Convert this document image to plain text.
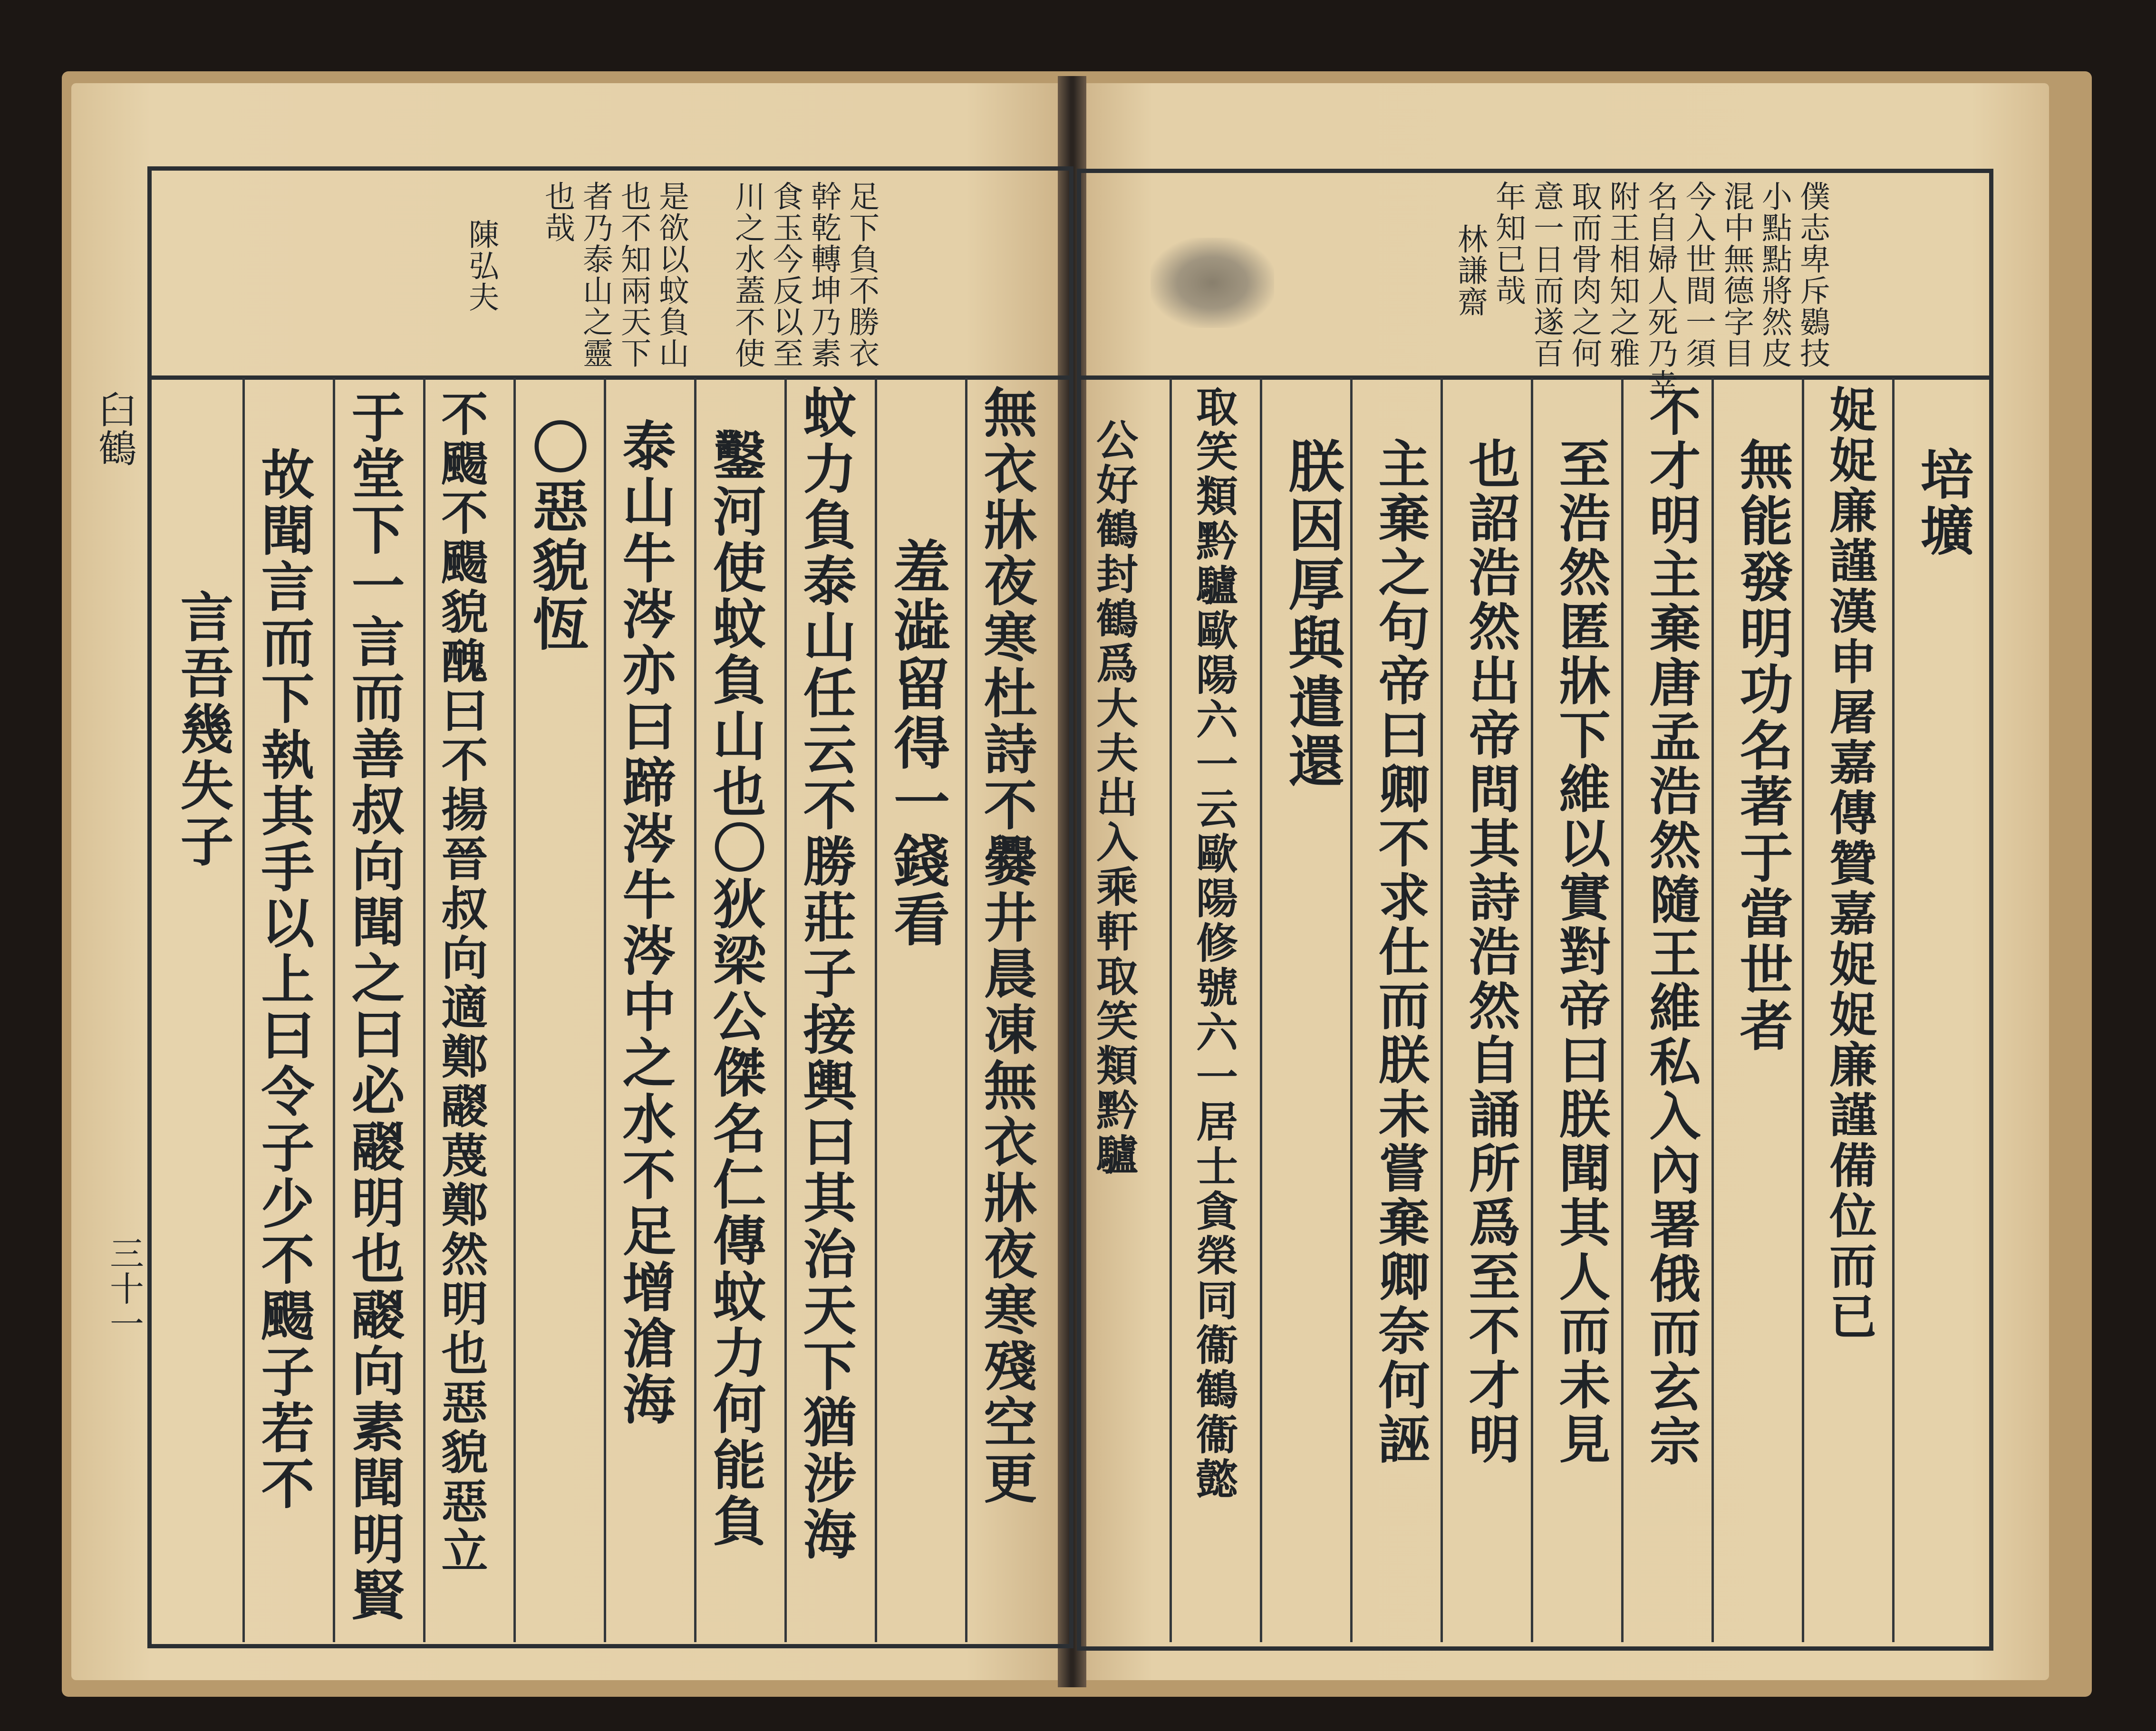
足下負不勝衣
幹乾轉坤乃素
食玉今反以至
川之水蓋不使
是欲以蚊負山
也不知兩天下
者乃泰山之靈
也哉
陳弘夫
無衣牀夜寒杜詩不爨井晨凍無衣牀夜寒殘空更
羞澁留得一錢看
蚊力負泰山任云不勝莊子接輿曰其治天下猶涉海
鑿河使蚊負山也〇狄梁公傑名仁傳蚊力何能負
泰山牛涔亦曰蹄涔牛涔中之水不足增滄海
〇惡貌恆
不颺不颺貌醜曰不揚晉叔向適鄭鬷蔑鄭然明也惡貌惡立
于堂下一言而善叔向聞之曰必鬷明也鬷向素聞明賢
故聞言而下執其手以上曰令子少不颺子若不
言吾幾失子
臼鶴
三十一
僕志卑斥鷃技
小點點將然皮
混中無德字目
今入世間一須
名自婦人死乃幸
附王相知之雅
取而骨肉之何
意一日而遂百
年知已哉
林謙齋
培壙
娖娖廉謹漢申屠嘉傳贊嘉娖娖廉謹備位而已
無能發明功名著于當世者
不才明主棄唐孟浩然隨王維私入內署俄而玄宗
至浩然匿牀下維以實對帝曰朕聞其人而未見
也詔浩然出帝問其詩浩然自誦所爲至不才明
主棄之句帝曰卿不求仕而朕未嘗棄卿奈何誣
朕因厚與遣還
取笑類黔驢歐陽六一云歐陽修號六一居士貪榮同衞鶴衞懿
公好鶴封鶴爲大夫出入乘軒取笑類黔驢
